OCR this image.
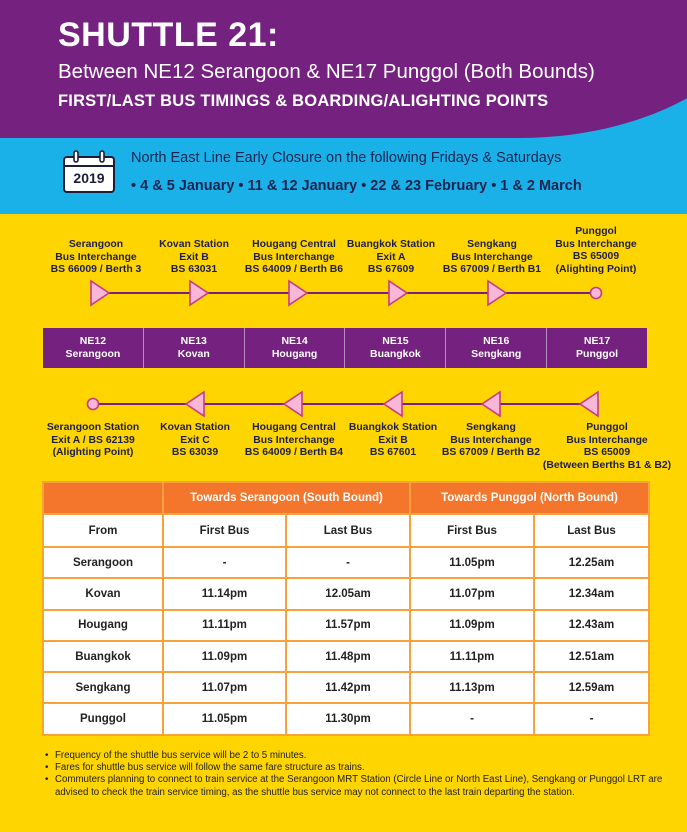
SHUTTLE 21:
Between NE12 Serangoon & NE17 Punggol (Both Bounds)
FIRST/LAST BUS TIMINGS & BOARDING/ALIGHTING POINTS
2019
North East Line Early Closure on the following Fridays & Saturdays
• 4 & 5 January • 11 & 12 January • 22 & 23 February • 1 & 2 March
Serangoon
Bus Interchange
BS 66009 / Berth 3
Kovan Station
Exit B
BS 63031
Hougang Central
Bus Interchange
BS 64009 / Berth B6
Buangkok Station
Exit A
BS 67609
Sengkang
Bus Interchange
BS 67009 / Berth B1
Punggol
Bus Interchange
BS 65009
(Alighting Point)
NE12
Serangoon
NE13
Kovan
NE14
Hougang
NE15
Buangkok
NE16
Sengkang
NE17
Punggol
Serangoon Station
Exit A / BS 62139
(Alighting Point)
Kovan Station
Exit C
BS 63039
Hougang Central
Bus Interchange
BS 64009 / Berth B4
Buangkok Station
Exit B
BS 67601
Sengkang
Bus Interchange
BS 67009 / Berth B2
Punggol
Bus Interchange
BS 65009
(Between Berths B1 & B2)
	Towards Serangoon (South Bound)		Towards Punggol (North Bound)	
From	First Bus	Last Bus	First Bus	Last Bus
Serangoon	-	-	11.05pm	12.25am
Kovan	11.14pm	12.05am	11.07pm	12.34am
Hougang	11.11pm	11.57pm	11.09pm	12.43am
Buangkok	11.09pm	11.48pm	11.11pm	12.51am
Sengkang	11.07pm	11.42pm	11.13pm	12.59am
Punggol	11.05pm	11.30pm	-	-
• Frequency of the shuttle bus service will be 2 to 5 minutes.
• Fares for shuttle bus service will follow the same fare structure as trains.
• Commuters planning to connect to train service at the Serangoon MRT Station (Circle Line or North East Line), Sengkang or Punggol LRT are advised to check the train service timing, as the shuttle bus service may not connect to the last train departing the station.
